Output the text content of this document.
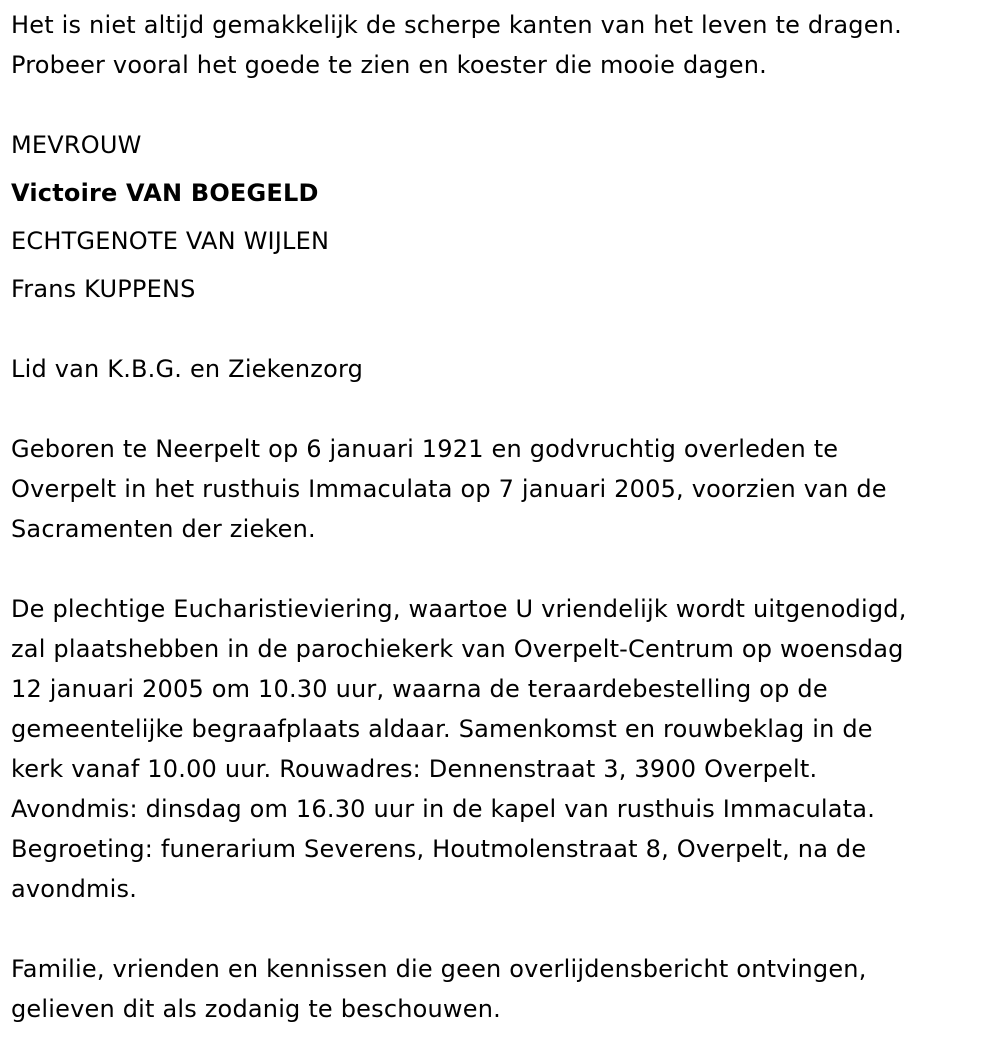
Het is niet altijd gemakkelijk de scherpe kanten van het leven te dragen.
Probeer vooral het goede te zien en koester die mooie dagen.
MEVROUW
Victoire VAN BOEGELD
ECHTGENOTE VAN WIJLEN
Frans KUPPENS
Lid van K.B.G. en Ziekenzorg
Geboren te Neerpelt op 6 januari 1921 en godvruchtig overleden te
Overpelt in het rusthuis Immaculata op 7 januari 2005, voorzien van de
Sacramenten der zieken.
De plechtige Eucharistieviering, waartoe U vriendelijk wordt uitgenodigd,
zal plaatshebben in de parochiekerk van Overpelt-Centrum op woensdag
12 januari 2005 om 10.30 uur, waarna de teraardebestelling op de
gemeentelijke begraafplaats aldaar. Samenkomst en rouwbeklag in de
kerk vanaf 10.00 uur. Rouwadres: Dennenstraat 3, 3900 Overpelt.
Avondmis: dinsdag om 16.30 uur in de kapel van rusthuis Immaculata.
Begroeting: funerarium Severens, Houtmolenstraat 8, Overpelt, na de
avondmis.
Familie, vrienden en kennissen die geen overlijdensbericht ontvingen,
gelieven dit als zodanig te beschouwen.
